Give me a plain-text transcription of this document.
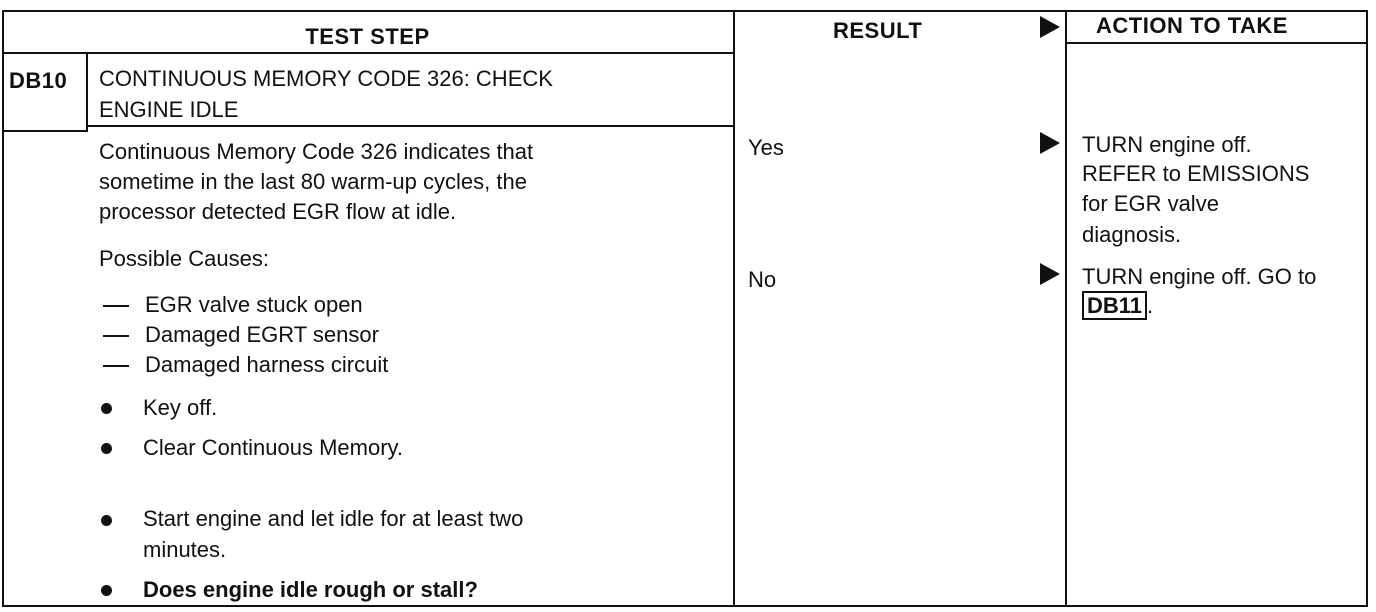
TEST STEP	RESULT	ACTION TO TAKE
DB10 CONTINUOUS MEMORY CODE 326: CHECK
ENGINE IDLE
Continuous Memory Code 326 indicates that
sometime in the last 80 warm-up cycles, the
processor detected EGR flow at idle.
Possible Causes:
EGR valve stuck open
Damaged EGRT sensor
Damaged harness circuit
Key off.
Clear Continuous Memory.
Start engine and let idle for at least two
minutes.
Does engine idle rough or stall?
Yes
No
TURN engine off.
REFER to EMISSIONS
for EGR valve
diagnosis.
TURN engine off. GO to
DB11 .
